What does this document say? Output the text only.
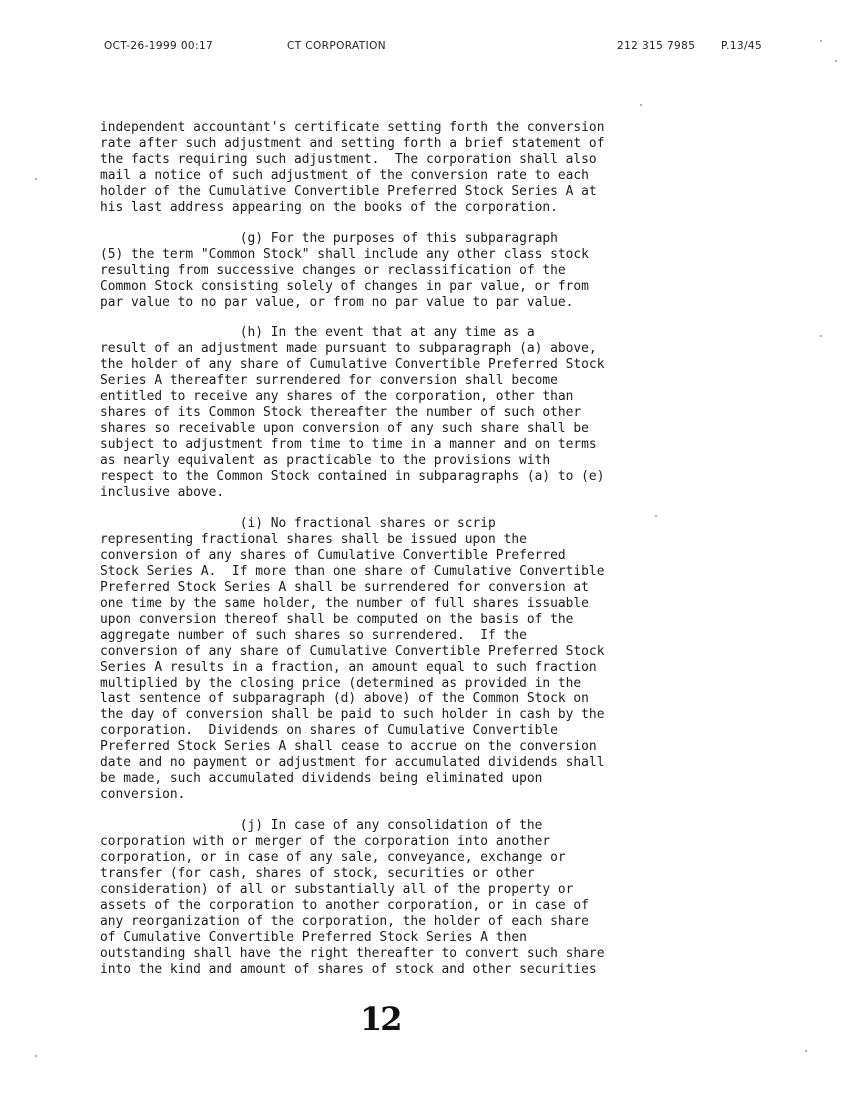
OCT-26-1999 00:17	CT CORPORATION	212 315 7985 P.13/45

independent accountant's certificate setting forth the conversion
rate after such adjustment and setting forth a brief statement of
the facts requiring such adjustment.  The corporation shall also
mail a notice of such adjustment of the conversion rate to each
holder of the Cumulative Convertible Preferred Stock Series A at
his last address appearing on the books of the corporation.

(g) For the purposes of this subparagraph
(5) the term "Common Stock" shall include any other class stock
resulting from successive changes or reclassification of the
Common Stock consisting solely of changes in par value, or from
par value to no par value, or from no par value to par value.

(h) In the event that at any time as a
result of an adjustment made pursuant to subparagraph (a) above,
the holder of any share of Cumulative Convertible Preferred Stock
Series A thereafter surrendered for conversion shall become
entitled to receive any shares of the corporation, other than
shares of its Common Stock thereafter the number of such other
shares so receivable upon conversion of any such share shall be
subject to adjustment from time to time in a manner and on terms
as nearly equivalent as practicable to the provisions with
respect to the Common Stock contained in subparagraphs (a) to (e)
inclusive above.

(i) No fractional shares or scrip
representing fractional shares shall be issued upon the
conversion of any shares of Cumulative Convertible Preferred
Stock Series A.  If more than one share of Cumulative Convertible
Preferred Stock Series A shall be surrendered for conversion at
one time by the same holder, the number of full shares issuable
upon conversion thereof shall be computed on the basis of the
aggregate number of such shares so surrendered.  If the
conversion of any share of Cumulative Convertible Preferred Stock
Series A results in a fraction, an amount equal to such fraction
multiplied by the closing price (determined as provided in the
last sentence of subparagraph (d) above) of the Common Stock on
the day of conversion shall be paid to such holder in cash by the
corporation.  Dividends on shares of Cumulative Convertible
Preferred Stock Series A shall cease to accrue on the conversion
date and no payment or adjustment for accumulated dividends shall
be made, such accumulated dividends being eliminated upon
conversion.

(j) In case of any consolidation of the
corporation with or merger of the corporation into another
corporation, or in case of any sale, conveyance, exchange or
transfer (for cash, shares of stock, securities or other
consideration) of all or substantially all of the property or
assets of the corporation to another corporation, or in case of
any reorganization of the corporation, the holder of each share
of Cumulative Convertible Preferred Stock Series A then
outstanding shall have the right thereafter to convert such share
into the kind and amount of shares of stock and other securities

12
